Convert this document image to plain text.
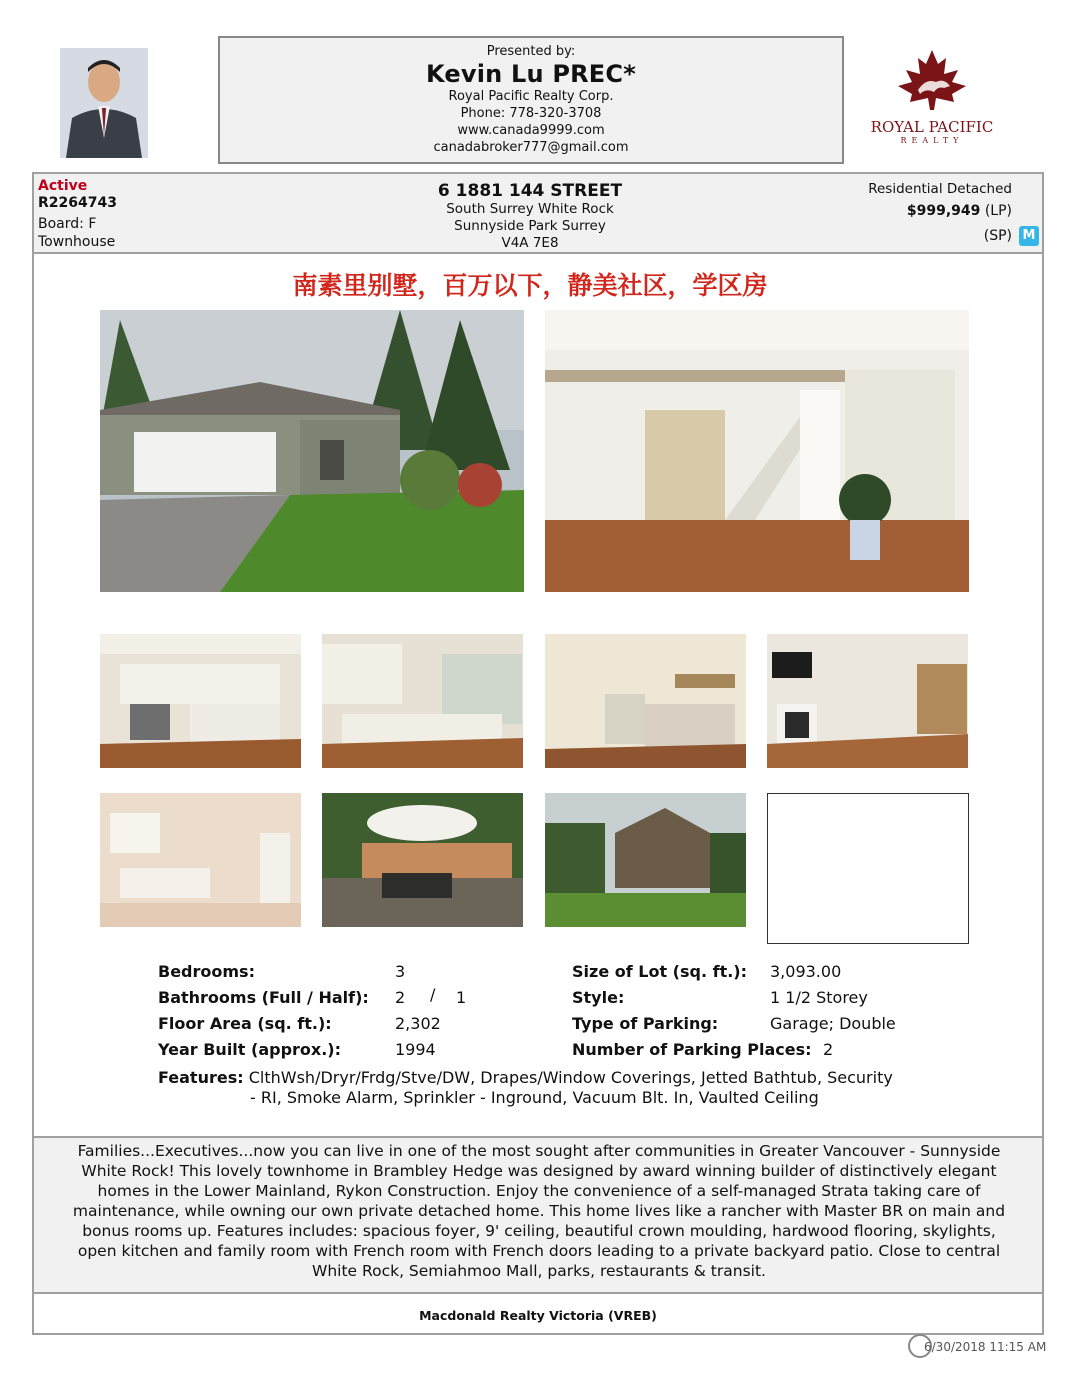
Presented by:
Kevin Lu PREC*
Royal Pacific Realty Corp.
Phone: 778-320-3708
www.canada9999.com
canadabroker777@gmail.com
ROYAL PACIFIC
REALTY
Active
R2264743
Board: F
Townhouse
6 1881 144 STREET
South Surrey White Rock
Sunnyside Park Surrey
V4A 7E8
Residential Detached
$999,949 (LP)
(SP) M
南素里别墅，百万以下，静美社区，学区房
Bedrooms:	3
Bathrooms (Full / Half): 2 / 1
Floor Area (sq. ft.):	2,302
Year Built (approx.):	1994
Size of Lot (sq. ft.): 3,093.00
Style:	1 1/2 Storey
Type of Parking:	Garage; Double
Number of Parking Places: 2
Features: ClthWsh/Dryr/Frdg/Stve/DW, Drapes/Window Coverings, Jetted Bathtub, Security
- RI, Smoke Alarm, Sprinkler - Inground, Vacuum Blt. In, Vaulted Ceiling
Families...Executives...now you can live in one of the most sought after communities in Greater Vancouver - Sunnyside
White Rock! This lovely townhome in Brambley Hedge was designed by award winning builder of distinctively elegant
homes in the Lower Mainland, Rykon Construction. Enjoy the convenience of a self-managed Strata taking care of
maintenance, while owning our own private detached home. This home lives like a rancher with Master BR on main and
bonus rooms up. Features includes: spacious foyer, 9' ceiling, beautiful crown moulding, hardwood flooring, skylights,
open kitchen and family room with French room with French doors leading to a private backyard patio. Close to central
White Rock, Semiahmoo Mall, parks, restaurants & transit.
Macdonald Realty Victoria (VREB)
6/30/2018 11:15 AM
